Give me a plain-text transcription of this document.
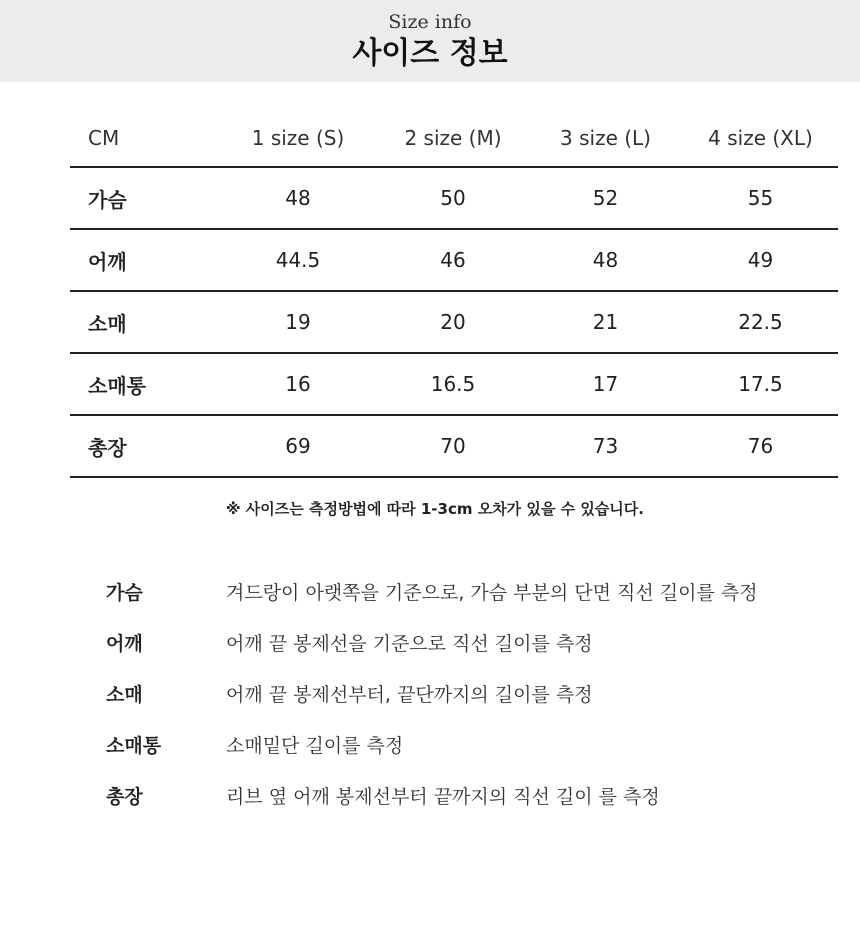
Size info
사이즈 정보
CM	1 size (S)	2 size (M)	3 size (L)	4 size (XL)
가슴	48	50	52	55
어깨	44.5	46	48	49
소매	19	20	21	22.5
소매통	16	16.5	17	17.5
총장	69	70	73	76
※ 사이즈는 측정방법에 따라 1-3cm 오차가 있을 수 있습니다.
가슴	겨드랑이 아랫쪽을 기준으로, 가슴 부분의 단면 직선 길이를 측정
어깨	어깨 끝 봉제선을 기준으로 직선 길이를 측정
소매	어깨 끝 봉제선부터, 끝단까지의 길이를 측정
소매통	소매밑단 길이를 측정
총장	리브 옆 어깨 봉제선부터 끝까지의 직선 길이 를 측정
